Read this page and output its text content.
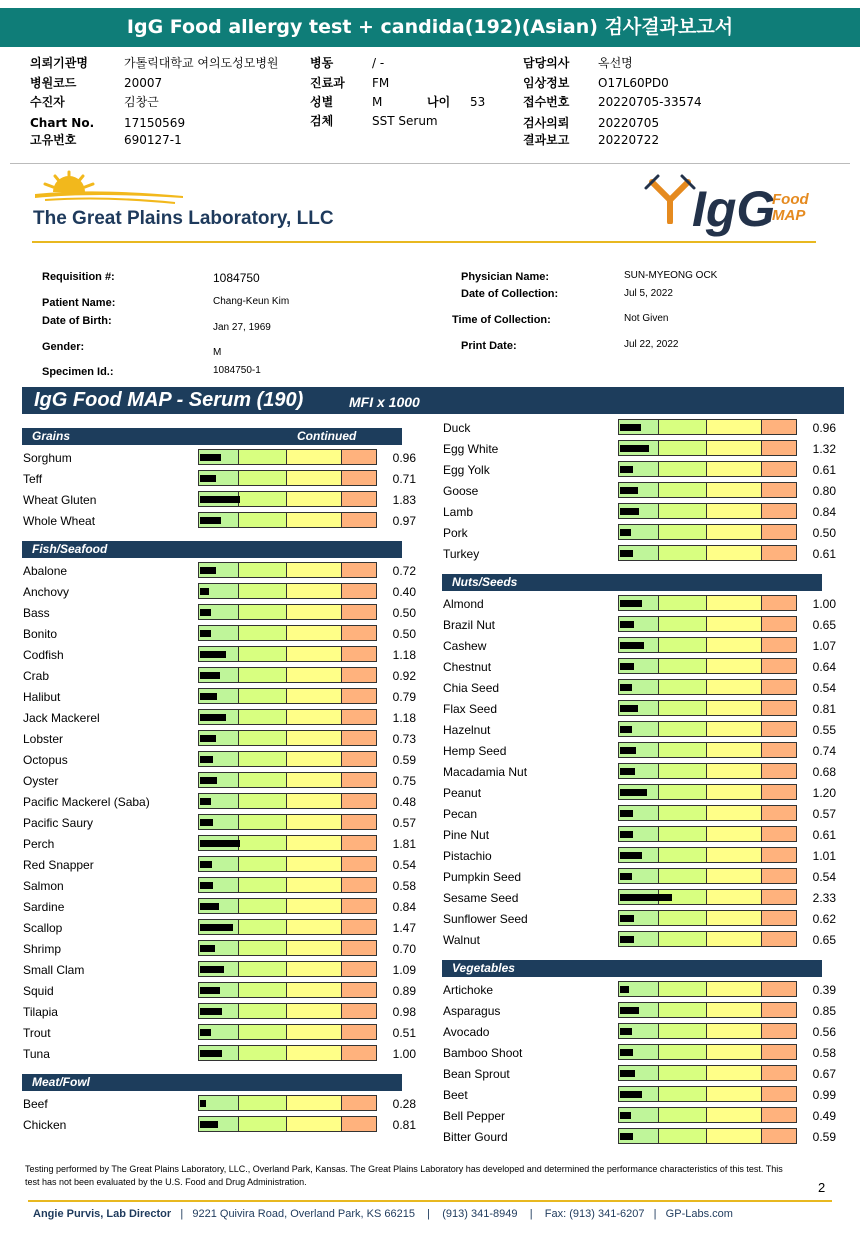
IgG Food allergy test + candida(192)(Asian) 검사결과보고서
의뢰기관명	가톨릭대학교 여의도성모병원
병원코드	20007
수진자	김창근
Chart No. 17150569
고유번호	690127-1
병동	/ -
진료과 FM
성별	M	나이 53
검체	SST Serum
담당의사 옥선명
임상정보 O17L60PD0
접수번호 20220705-33574
검사의뢰 20220705
결과보고 20220722
The Great Plains Laboratory, LLC	IgG
Food
MAP
Requisition #:	1084750
Patient Name:	Chang-Keun Kim
Date of Birth:
Jan 27, 1969
Gender:	M
Specimen Id.:	1084750-1
Physician Name:	SUN-MYEONG OCK
Date of Collection:	Jul 5, 2022
Time of Collection:	Not Given
Print Date:	Jul 22, 2022
IgG Food MAP - Serum (190)	MFI x 1000
Grains	Continued
Sorghum	0.96
Teff	0.71
Wheat Gluten	1.83
Whole Wheat	0.97
Fish/Seafood
Abalone	0.72
Anchovy	0.40
Bass	0.50
Bonito	0.50
Codfish	1.18
Crab	0.92
Halibut	0.79
Jack Mackerel	1.18
Lobster	0.73
Octopus	0.59
Oyster	0.75
Pacific Mackerel (Saba)	0.48
Pacific Saury	0.57
Perch	1.81
Red Snapper	0.54
Salmon	0.58
Sardine	0.84
Scallop	1.47
Shrimp	0.70
Small Clam	1.09
Squid	0.89
Tilapia	0.98
Trout	0.51
Tuna	1.00
Meat/Fowl
Beef	0.28
Chicken	0.81
Duck	0.96
Egg White	1.32
Egg Yolk	0.61
Goose	0.80
Lamb	0.84
Pork	0.50
Turkey	0.61
Nuts/Seeds
Almond	1.00
Brazil Nut	0.65
Cashew	1.07
Chestnut	0.64
Chia Seed	0.54
Flax Seed	0.81
Hazelnut	0.55
Hemp Seed	0.74
Macadamia Nut	0.68
Peanut	1.20
Pecan	0.57
Pine Nut	0.61
Pistachio	1.01
Pumpkin Seed	0.54
Sesame Seed	2.33
Sunflower Seed	0.62
Walnut	0.65
Vegetables
Artichoke	0.39
Asparagus	0.85
Avocado	0.56
Bamboo Shoot	0.58
Bean Sprout	0.67
Beet	0.99
Bell Pepper	0.49
Bitter Gourd	0.59
Testing performed by The Great Plains Laboratory, LLC., Overland Park, Kansas. The Great Plains Laboratory has developed and determined the performance characteristics of this test. This test has not been evaluated by the U.S. Food and Drug Administration.	2
Angie Purvis, Lab Director   |   9221 Quivira Road, Overland Park, KS 66215    |    (913) 341-8949    |    Fax: (913) 341-6207   |   GP-Labs.com
